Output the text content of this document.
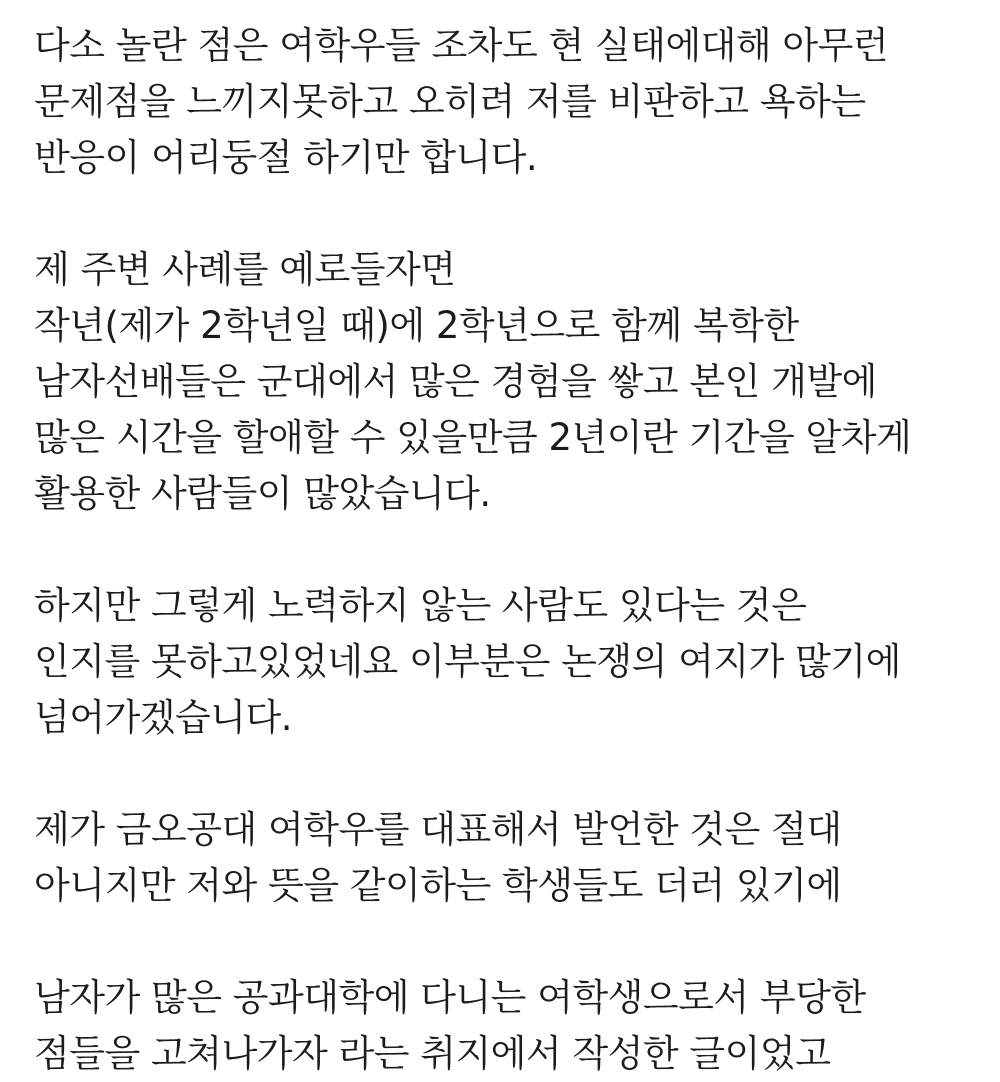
다소 놀란 점은 여학우들 조차도 현 실태에대해 아무런
문제점을 느끼지못하고 오히려 저를 비판하고 욕하는
반응이 어리둥절 하기만 합니다.
제 주변 사례를 예로들자면
작년(제가 2학년일 때)에 2학년으로 함께 복학한
남자선배들은 군대에서 많은 경험을 쌓고 본인 개발에
많은 시간을 할애할 수 있을만큼 2년이란 기간을 알차게
활용한 사람들이 많았습니다.
하지만 그렇게 노력하지 않는 사람도 있다는 것은
인지를 못하고있었네요 이부분은 논쟁의 여지가 많기에
넘어가겠습니다.
제가 금오공대 여학우를 대표해서 발언한 것은 절대
아니지만 저와 뜻을 같이하는 학생들도 더러 있기에
남자가 많은 공과대학에 다니는 여학생으로서 부당한
점들을 고쳐나가자 라는 취지에서 작성한 글이었고
